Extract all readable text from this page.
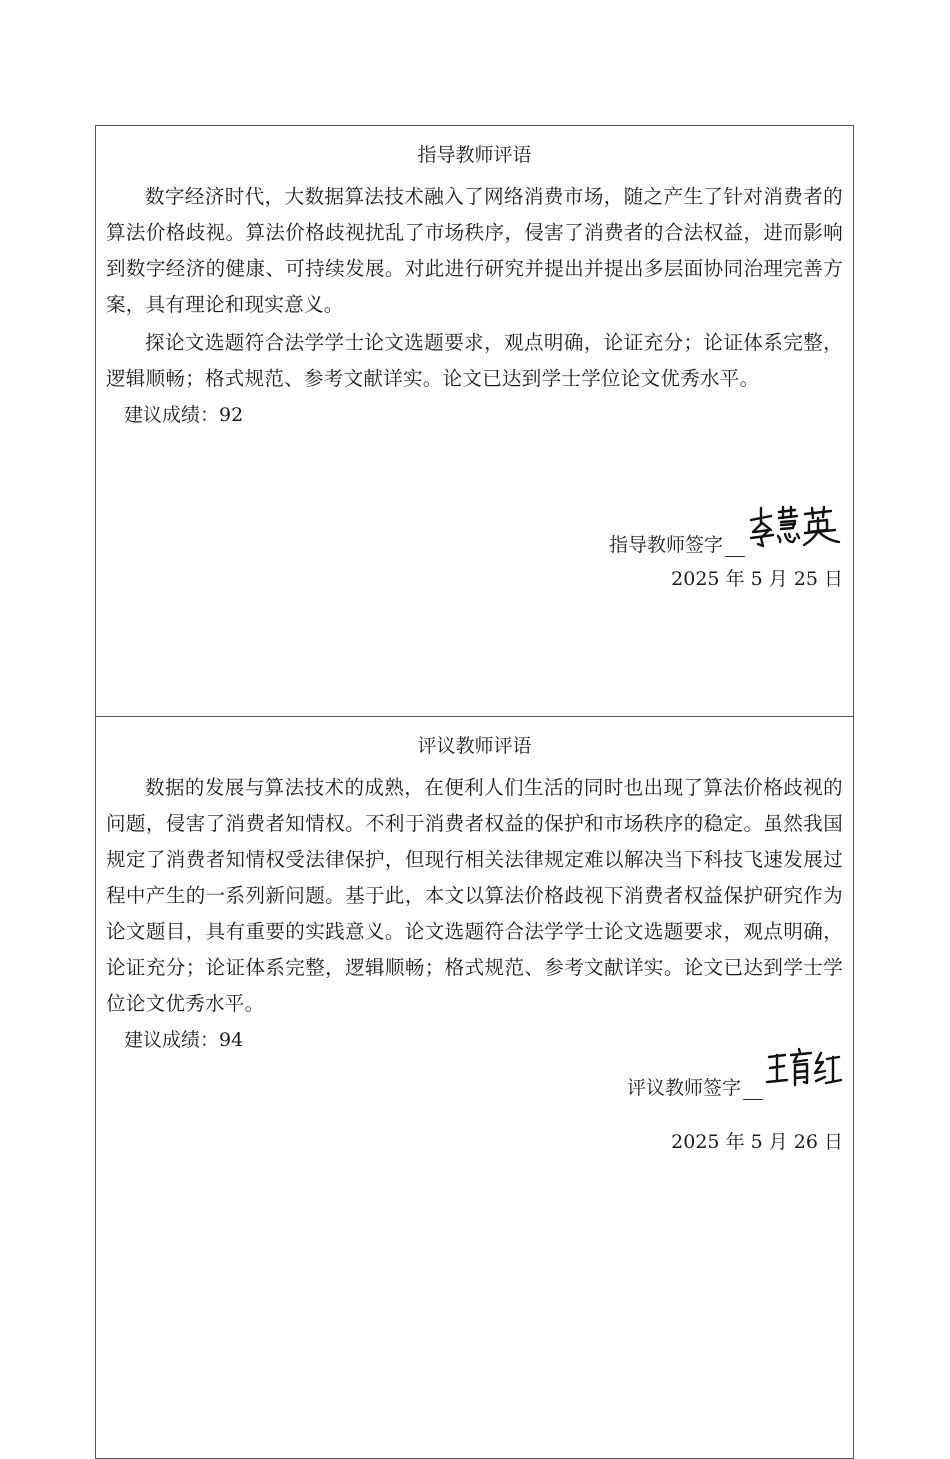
指导教师评语

数字经济时代，大数据算法技术融入了网络消费市场，随之产生了针对消费者的算法价格歧视。算法价格歧视扰乱了市场秩序，侵害了消费者的合法权益，进而影响到数字经济的健康、可持续发展。对此进行研究并提出并提出多层面协同治理完善方案，具有理论和现实意义。

探论文选题符合法学学士论文选题要求，观点明确，论证充分；论证体系完整，逻辑顺畅；格式规范、参考文献详实。论文已达到学士学位论文优秀水平。

建议成绩：92

指导教师签字
2025 年 5 月 25 日

评议教师评语

数据的发展与算法技术的成熟，在便利人们生活的同时也出现了算法价格歧视的问题，侵害了消费者知情权。不利于消费者权益的保护和市场秩序的稳定。虽然我国规定了消费者知情权受法律保护，但现行相关法律规定难以解决当下科技飞速发展过程中产生的一系列新问题。基于此，本文以算法价格歧视下消费者权益保护研究作为论文题目，具有重要的实践意义。论文选题符合法学学士论文选题要求，观点明确，论证充分；论证体系完整，逻辑顺畅；格式规范、参考文献详实。论文已达到学士学位论文优秀水平。

建议成绩：94

评议教师签字
2025 年 5 月 26 日
